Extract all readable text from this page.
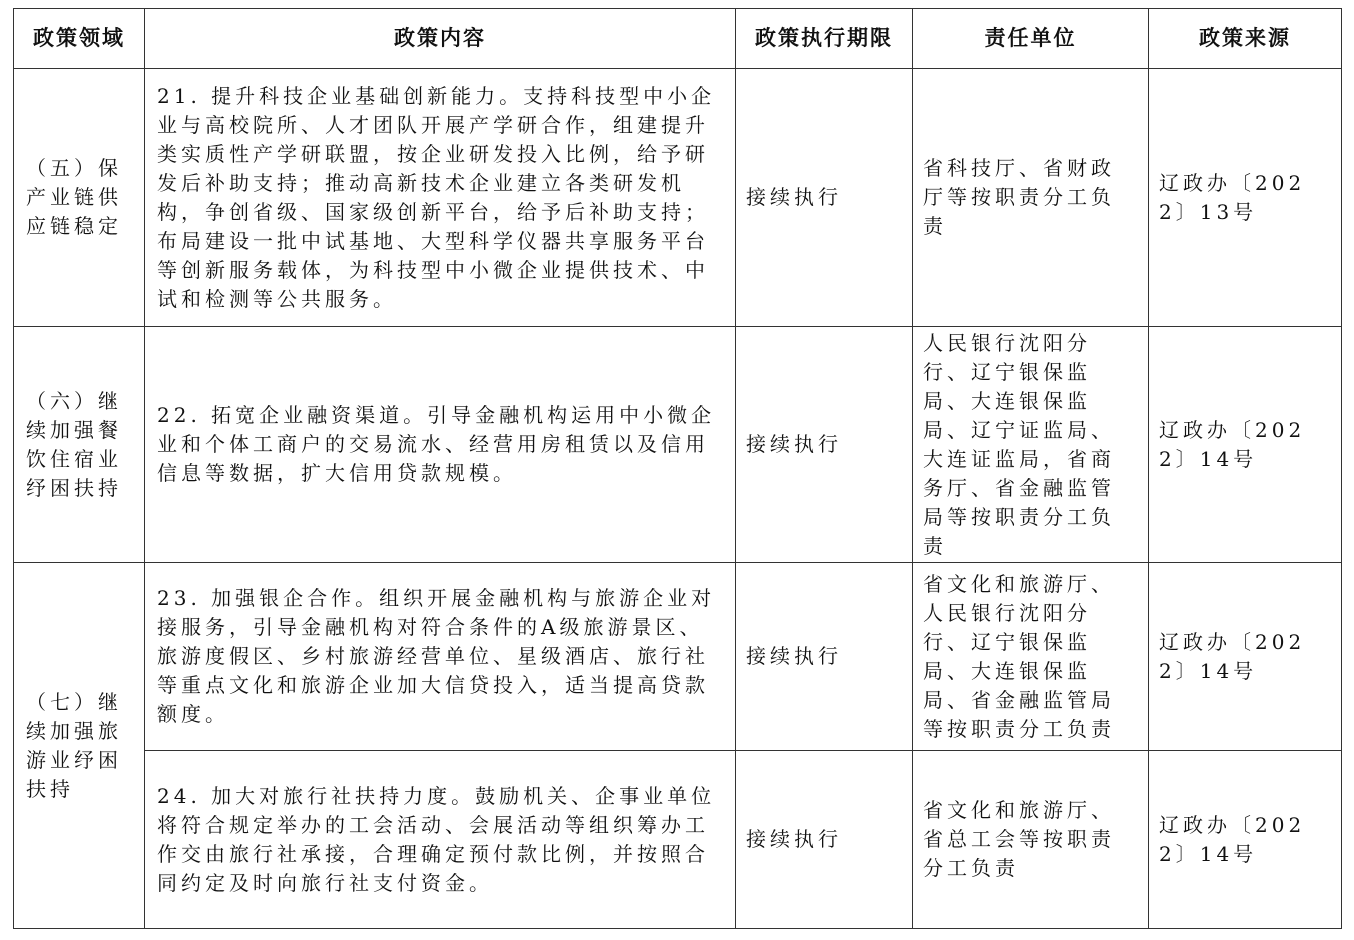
政策领域	政策内容	政策执行期限	责任单位	政策来源
（五）保产业链供应链稳定	21. 提升科技企业基础创新能力。支持科技型中小企业与高校院所、人才团队开展产学研合作，组建提升类实质性产学研联盟，按企业研发投入比例，给予研发后补助支持；推动高新技术企业建立各类研发机构，争创省级、国家级创新平台，给予后补助支持；布局建设一批中试基地、大型科学仪器共享服务平台等创新服务载体，为科技型中小微企业提供技术、中试和检测等公共服务。	接续执行	省科技厅、省财政厅等按职责分工负责	辽政办〔2022〕13号
（六）继续加强餐饮住宿业纾困扶持	22. 拓宽企业融资渠道。引导金融机构运用中小微企业和个体工商户的交易流水、经营用房租赁以及信用信息等数据，扩大信用贷款规模。	接续执行	人民银行沈阳分行、辽宁银保监局、大连银保监局、辽宁证监局、大连证监局，省商务厅、省金融监管局等按职责分工负责	辽政办〔2022〕14号
（七）继续加强旅游业纾困扶持	23. 加强银企合作。组织开展金融机构与旅游企业对接服务，引导金融机构对符合条件的A级旅游景区、旅游度假区、乡村旅游经营单位、星级酒店、旅行社等重点文化和旅游企业加大信贷投入，适当提高贷款额度。	接续执行	省文化和旅游厅、人民银行沈阳分行、辽宁银保监局、大连银保监局、省金融监管局等按职责分工负责	辽政办〔2022〕14号
	24. 加大对旅行社扶持力度。鼓励机关、企事业单位将符合规定举办的工会活动、会展活动等组织筹办工作交由旅行社承接，合理确定预付款比例，并按照合同约定及时向旅行社支付资金。	接续执行	省文化和旅游厅、省总工会等按职责分工负责	辽政办〔2022〕14号
